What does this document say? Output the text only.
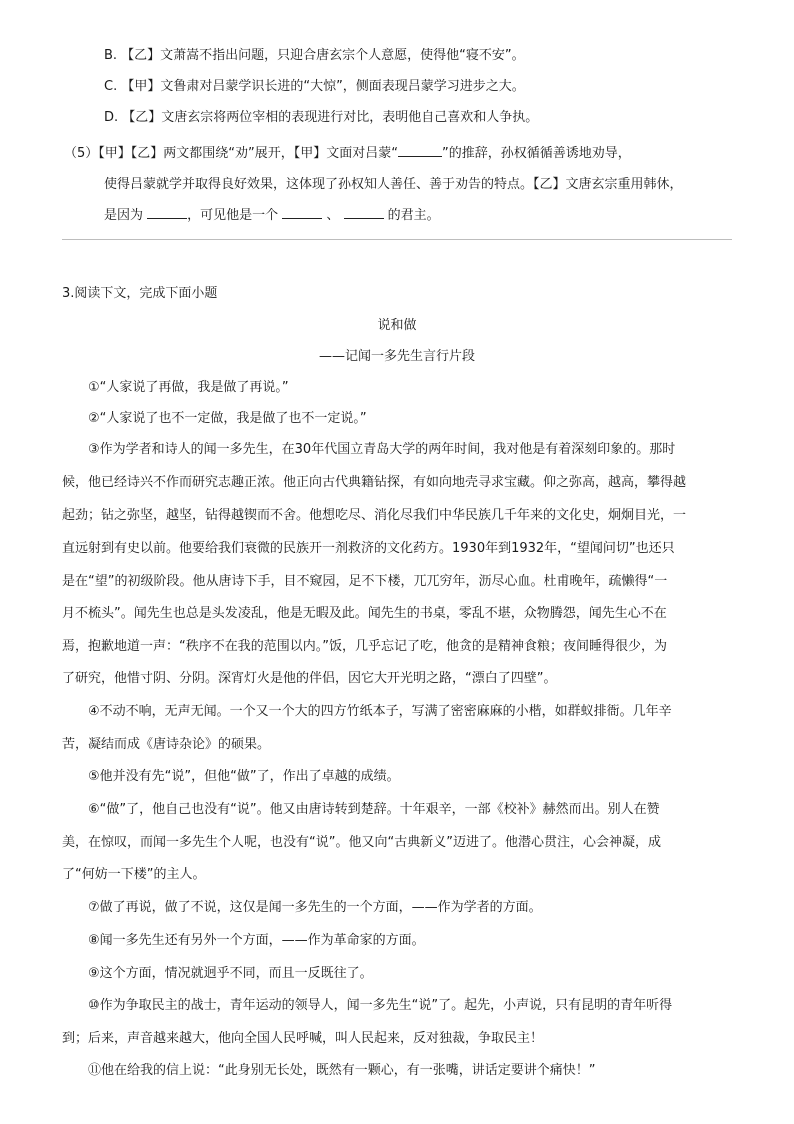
B. 【乙】文萧嵩不指出问题，只迎合唐玄宗个人意愿，使得他“寝不安”。
C. 【甲】文鲁肃对吕蒙学识长进的“大惊”，侧面表现吕蒙学习进步之大。
D. 【乙】文唐玄宗将两位宰相的表现进行对比，表明他自己喜欢和人争执。
（5）【甲】【乙】两文都围绕“劝”展开，【甲】文面对吕蒙“	”的推辞，孙权循循善诱地劝导，
使得吕蒙就学并取得良好效果，这体现了孙权知人善任、善于劝告的特点。【乙】文唐玄宗重用韩休，
是因为	，可见他是一个	、	的君主。
3.阅读下文，完成下面小题
说和做
——记闻一多先生言行片段
①“人家说了再做，我是做了再说。”
②“人家说了也不一定做，我是做了也不一定说。”
③作为学者和诗人的闻一多先生，在30年代国立青岛大学的两年时间，我对他是有着深刻印象的。那时
候，他已经诗兴不作而研究志趣正浓。他正向古代典籍钻探，有如向地壳寻求宝藏。仰之弥高，越高，攀得越
起劲；钻之弥坚，越坚，钻得越锲而不舍。他想吃尽、消化尽我们中华民族几千年来的文化史，炯炯目光，一
直远射到有史以前。他要给我们衰微的民族开一剂救济的文化药方。1930年到1932年，“望闻问切”也还只
是在“望”的初级阶段。他从唐诗下手，目不窥园，足不下楼，兀兀穷年，沥尽心血。杜甫晚年，疏懒得“一
月不梳头”。闻先生也总是头发凌乱，他是无暇及此。闻先生的书桌，零乱不堪，众物腾怨，闻先生心不在
焉，抱歉地道一声：“秩序不在我的范围以内。”饭，几乎忘记了吃，他贪的是精神食粮；夜间睡得很少，为
了研究，他惜寸阴、分阴。深宵灯火是他的伴侣，因它大开光明之路，“漂白了四壁”。
④不动不响，无声无闻。一个又一个大的四方竹纸本子，写满了密密麻麻的小楷，如群蚁排衙。几年辛
苦，凝结而成《唐诗杂论》的硕果。
⑤他并没有先“说”，但他“做”了，作出了卓越的成绩。
⑥“做”了，他自己也没有“说”。他又由唐诗转到楚辞。十年艰辛，一部《校补》赫然而出。别人在赞
美，在惊叹，而闻一多先生个人呢，也没有“说”。他又向“古典新义”迈进了。他潜心贯注，心会神凝，成
了“何妨一下楼”的主人。
⑦做了再说，做了不说，这仅是闻一多先生的一个方面，——作为学者的方面。
⑧闻一多先生还有另外一个方面，——作为革命家的方面。
⑨这个方面，情况就迥乎不同，而且一反既往了。
⑩作为争取民主的战士，青年运动的领导人，闻一多先生“说”了。起先，小声说，只有昆明的青年听得
到；后来，声音越来越大，他向全国人民呼喊，叫人民起来，反对独裁，争取民主！
⑪他在给我的信上说：“此身别无长处，既然有一颗心，有一张嘴，讲话定要讲个痛快！”
